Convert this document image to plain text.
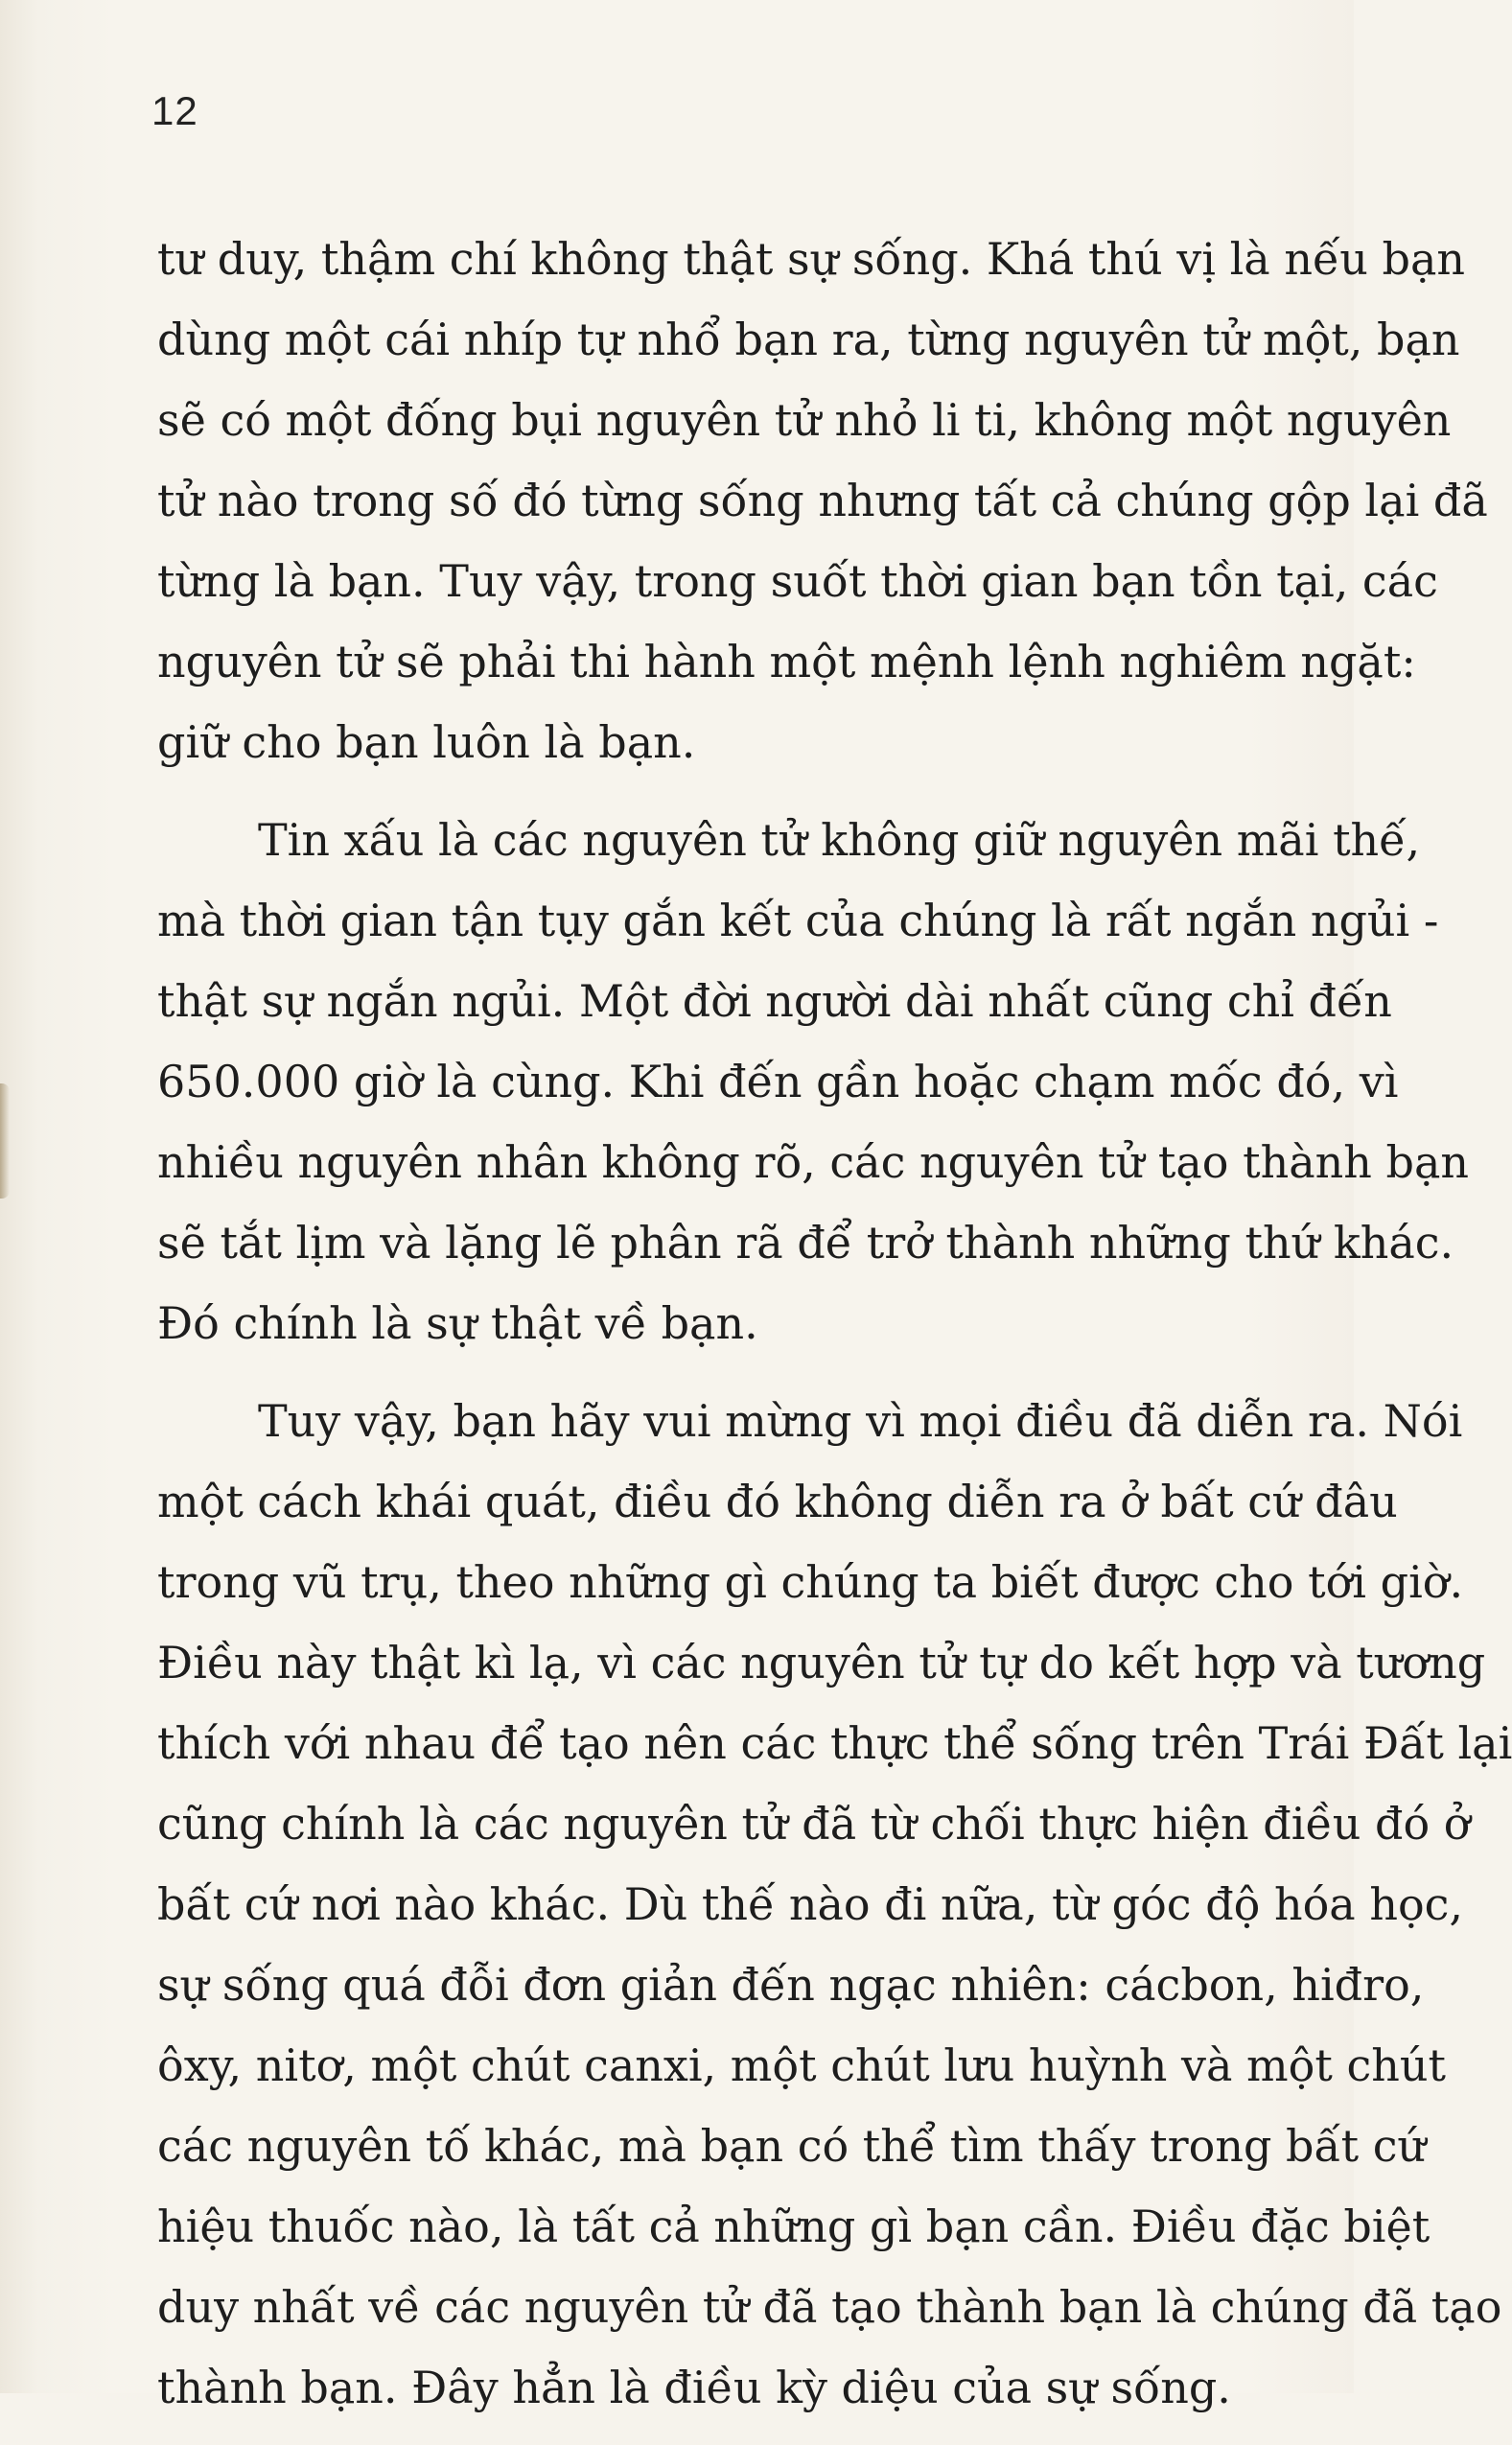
12
tư duy, thậm chí không thật sự sống. Khá thú vị là nếu bạn
dùng một cái nhíp tự nhổ bạn ra, từng nguyên tử một, bạn
sẽ có một đống bụi nguyên tử nhỏ li ti, không một nguyên
tử nào trong số đó từng sống nhưng tất cả chúng gộp lại đã
từng là bạn. Tuy vậy, trong suốt thời gian bạn tồn tại, các
nguyên tử sẽ phải thi hành một mệnh lệnh nghiêm ngặt:
giữ cho bạn luôn là bạn.
Tin xấu là các nguyên tử không giữ nguyên mãi thế,
mà thời gian tận tụy gắn kết của chúng là rất ngắn ngủi -
thật sự ngắn ngủi. Một đời người dài nhất cũng chỉ đến
650.000 giờ là cùng. Khi đến gần hoặc chạm mốc đó, vì
nhiều nguyên nhân không rõ, các nguyên tử tạo thành bạn
sẽ tắt lịm và lặng lẽ phân rã để trở thành những thứ khác.
Đó chính là sự thật về bạn.
Tuy vậy, bạn hãy vui mừng vì mọi điều đã diễn ra. Nói
một cách khái quát, điều đó không diễn ra ở bất cứ đâu
trong vũ trụ, theo những gì chúng ta biết được cho tới giờ.
Điều này thật kì lạ, vì các nguyên tử tự do kết hợp và tương
thích với nhau để tạo nên các thực thể sống trên Trái Đất lại
cũng chính là các nguyên tử đã từ chối thực hiện điều đó ở
bất cứ nơi nào khác. Dù thế nào đi nữa, từ góc độ hóa học,
sự sống quá đỗi đơn giản đến ngạc nhiên: cácbon, hiđro,
ôxy, nitơ, một chút canxi, một chút lưu huỳnh và một chút
các nguyên tố khác, mà bạn có thể tìm thấy trong bất cứ
hiệu thuốc nào, là tất cả những gì bạn cần. Điều đặc biệt
duy nhất về các nguyên tử đã tạo thành bạn là chúng đã tạo
thành bạn. Đây hẳn là điều kỳ diệu của sự sống.
